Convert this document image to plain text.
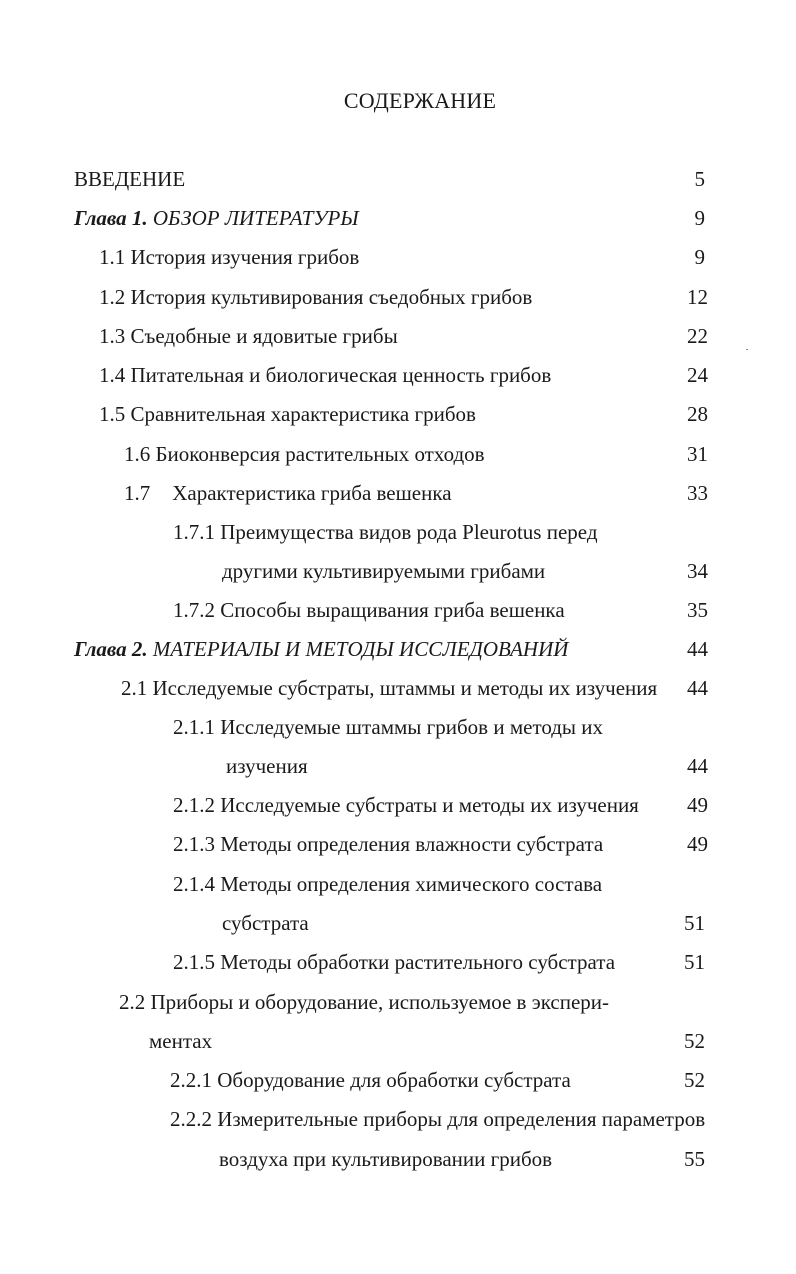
СОДЕРЖАНИЕ
ВВЕДЕНИЕ	5
Глава 1. ОБЗОР ЛИТЕРАТУРЫ	9
1.1 История изучения грибов	9
1.2 История культивирования съедобных грибов	12
1.3 Съедобные и ядовитые грибы	22
1.4 Питательная и биологическая ценность грибов	24
1.5 Сравнительная характеристика грибов	28
1.6 Биоконверсия растительных отходов	31
1.7 Характеристика гриба вешенка	33
1.7.1 Преимущества видов рода Pleurotus перед
другими культивируемыми грибами	34
1.7.2 Способы выращивания гриба вешенка	35
Глава 2. МАТЕРИАЛЫ И МЕТОДЫ ИССЛЕДОВАНИЙ	44
2.1 Исследуемые субстраты, штаммы и методы их изучения	44
2.1.1 Исследуемые штаммы грибов и методы их
изучения	44
2.1.2 Исследуемые субстраты и методы их изучения	49
2.1.3 Методы определения влажности субстрата	49
2.1.4 Методы определения химического состава
субстрата	51
2.1.5 Методы обработки растительного субстрата	51
2.2 Приборы и оборудование, используемое в экспери-
ментах	52
2.2.1 Оборудование для обработки субстрата	52
2.2.2 Измерительные приборы для определения параметров
воздуха при культивировании грибов	55
